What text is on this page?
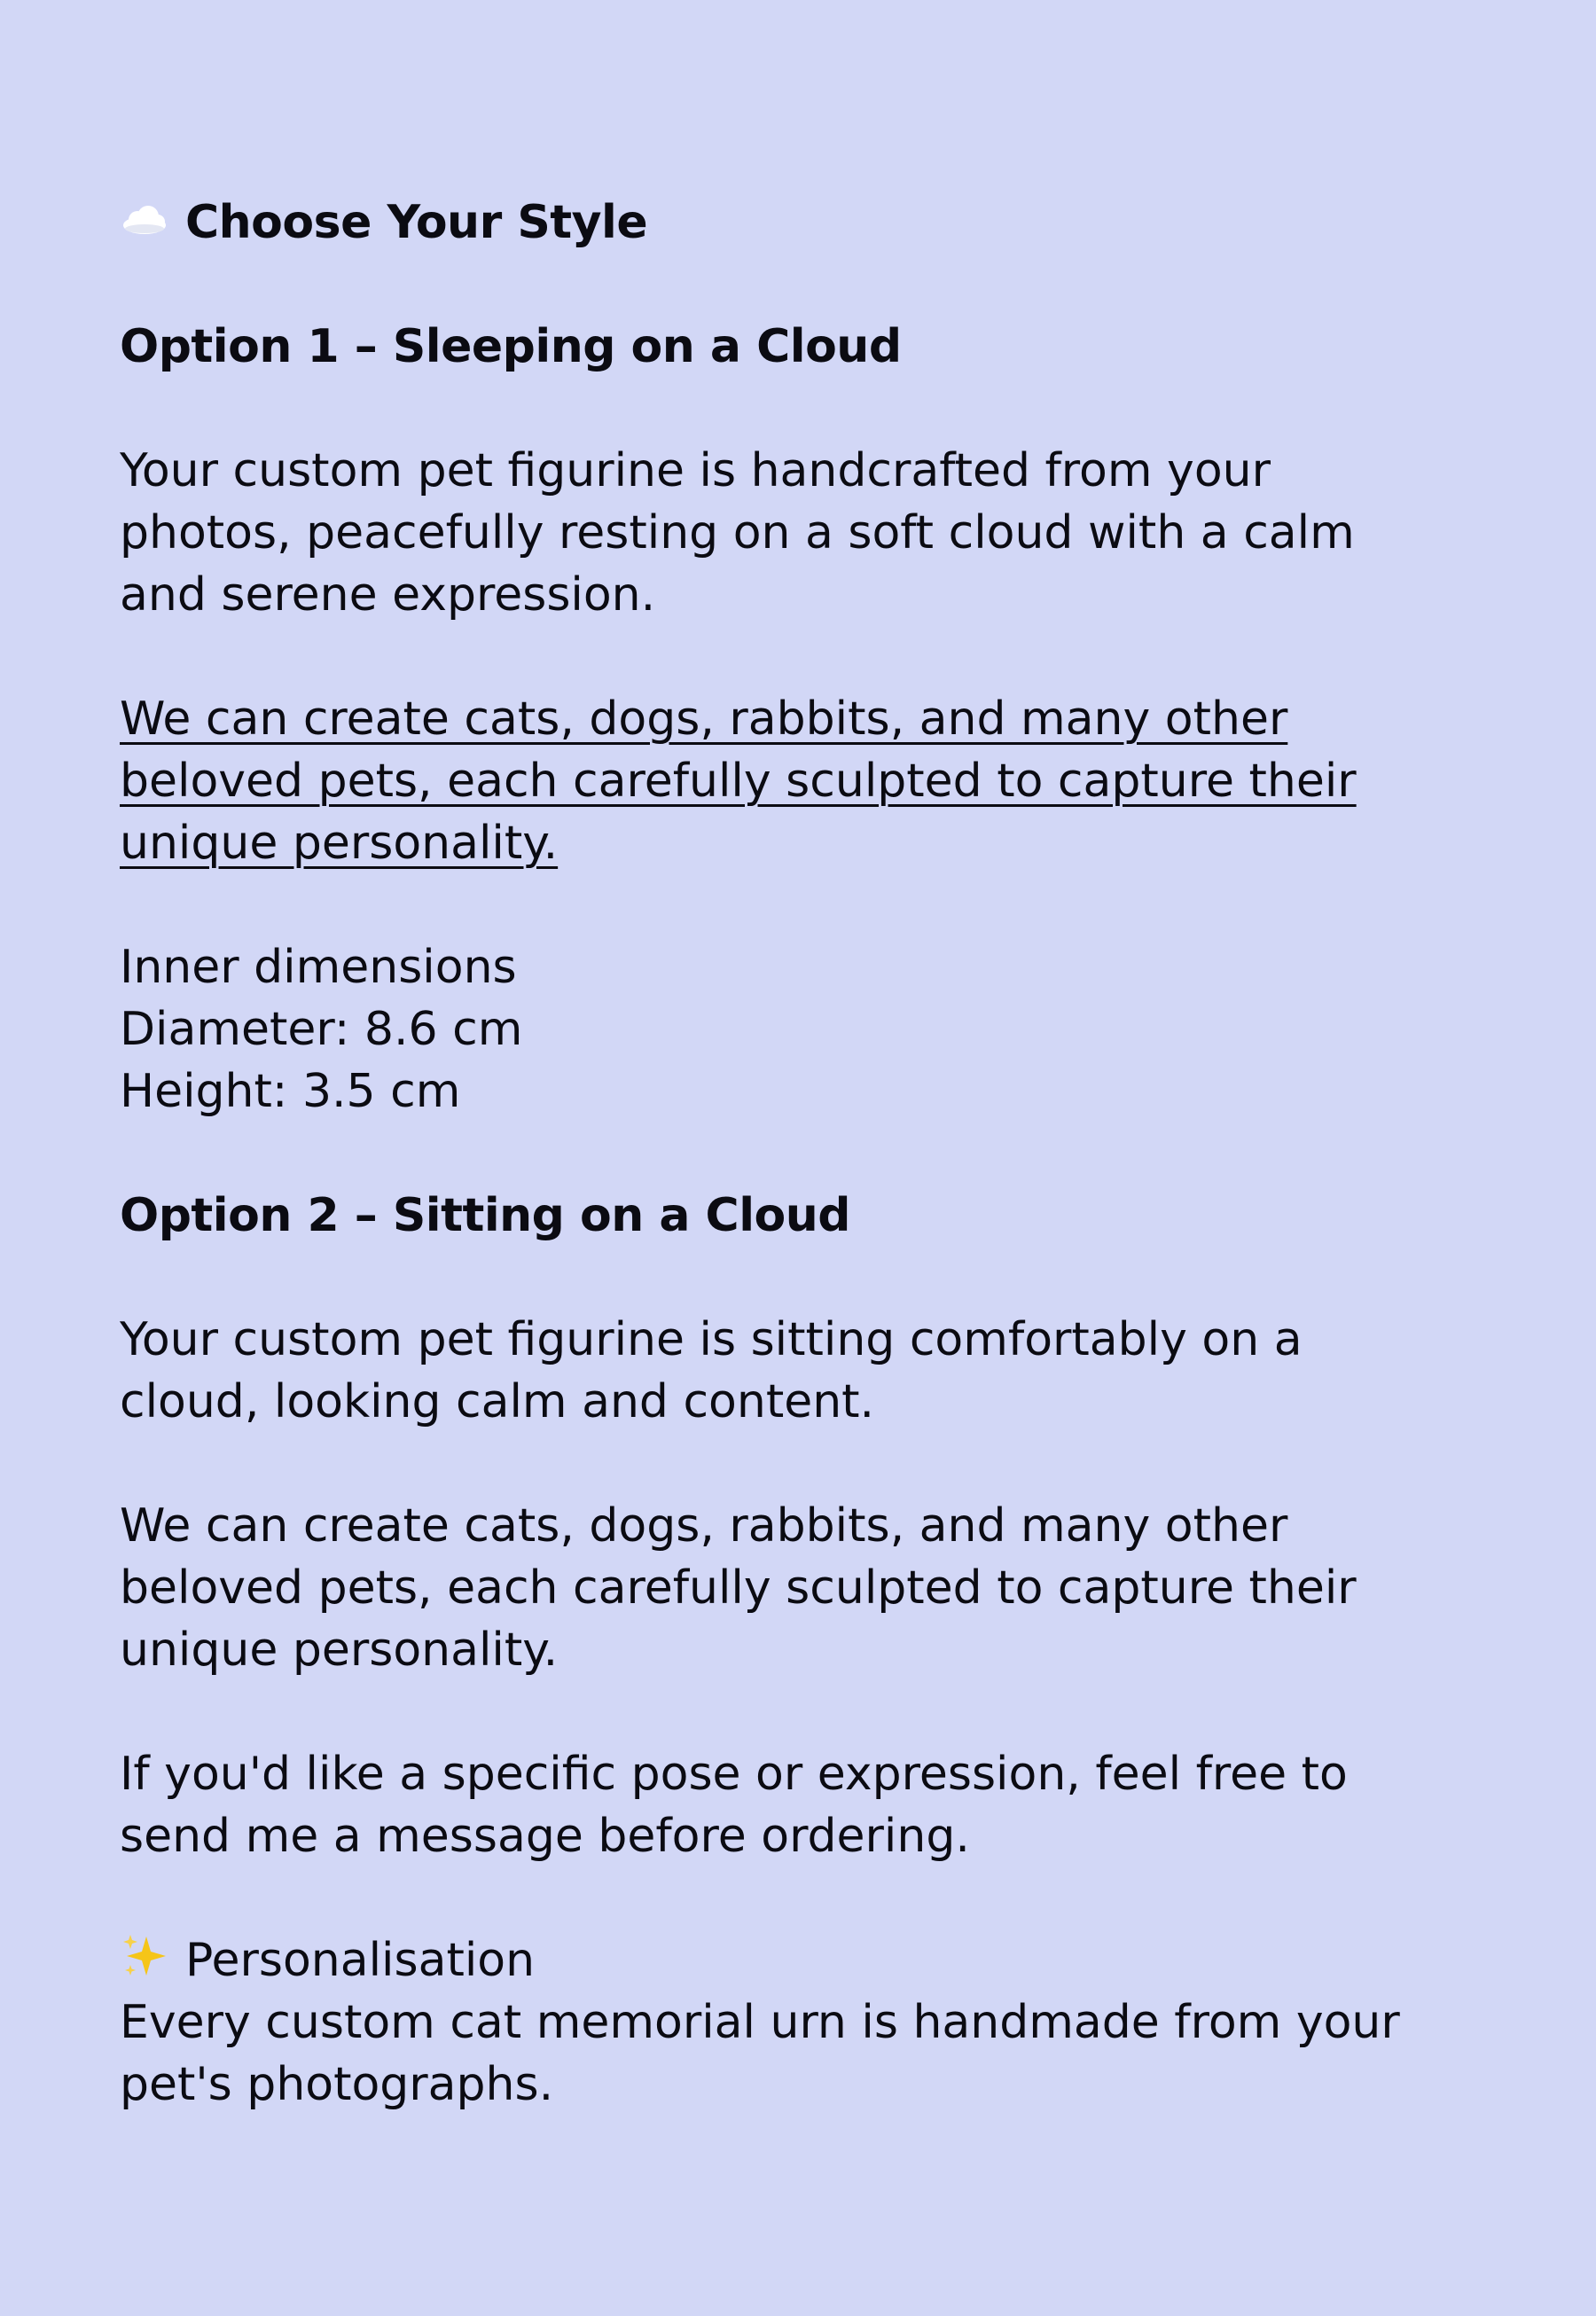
Choose Your Style
Option 1 – Sleeping on a Cloud
Your custom pet figurine is handcrafted from your
photos, peacefully resting on a soft cloud with a calm
and serene expression.
We can create cats, dogs, rabbits, and many other
beloved pets, each carefully sculpted to capture their
unique personality.
Inner dimensions
Diameter: 8.6 cm
Height: 3.5 cm
Option 2 – Sitting on a Cloud
Your custom pet figurine is sitting comfortably on a
cloud, looking calm and content.
We can create cats, dogs, rabbits, and many other
beloved pets, each carefully sculpted to capture their
unique personality.
If you'd like a specific pose or expression, feel free to
send me a message before ordering.
Personalisation
Every custom cat memorial urn is handmade from your
pet's photographs.
